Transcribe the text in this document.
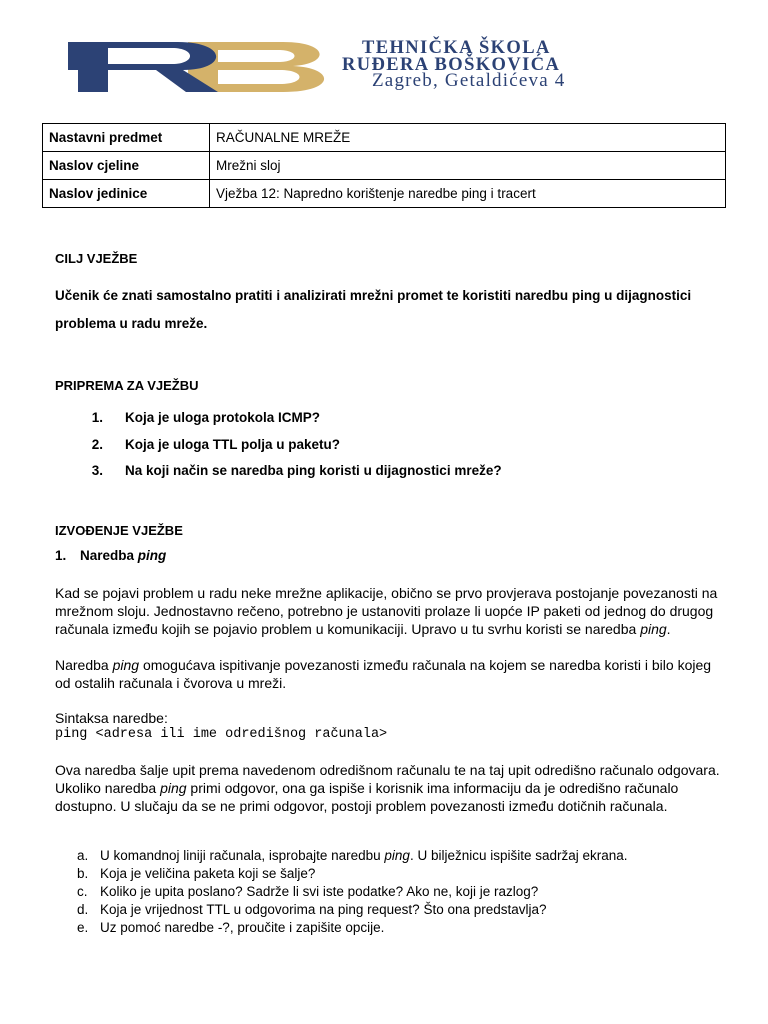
TEHNIČKA ŠKOLA
RUĐERA BOŠKOVIĆA
Zagreb, Getaldićeva 4
Nastavni predmet	RAČUNALNE MREŽE
Naslov cjeline	Mrežni sloj
Naslov jedinice	Vježba 12: Napredno korištenje naredbe ping i tracert
CILJ VJEŽBE
Učenik će znati samostalno pratiti i analizirati mrežni promet te koristiti naredbu ping u dijagnostici problema u radu mreže.
PRIPREMA ZA VJEŽBU
1.	Koja je uloga protokola ICMP?
2.	Koja je uloga TTL polja u paketu?
3.	Na koji način se naredba ping koristi u dijagnostici mreže?
IZVOĐENJE VJEŽBE
1.	Naredba ping

Kad se pojavi problem u radu neke mrežne aplikacije, obično se prvo provjerava postojanje povezanosti na mrežnom sloju. Jednostavno rečeno, potrebno je ustanoviti prolaze li uopće IP paketi od jednog do drugog računala između kojih se pojavio problem u komunikaciji. Upravo u tu svrhu koristi se naredba ping.

Naredba ping omogućava ispitivanje povezanosti između računala na kojem se naredba koristi i bilo kojeg od ostalih računala i čvorova u mreži.

Sintaksa naredbe:
ping <adresa ili ime odredišnog računala>

Ova naredba šalje upit prema navedenom odredišnom računalu te na taj upit odredišno računalo odgovara. Ukoliko naredba ping primi odgovor, ona ga ispiše i korisnik ima informaciju da je odredišno računalo dostupno. U slučaju da se ne primi odgovor, postoji problem povezanosti između dotičnih računala.

a. U komandnoj liniji računala, isprobajte naredbu ping. U bilježnicu ispišite sadržaj ekrana.
b. Koja je veličina paketa koji se šalje?
c. Koliko je upita poslano? Sadrže li svi iste podatke? Ako ne, koji je razlog?
d. Koja je vrijednost TTL u odgovorima na ping request? Što ona predstavlja?
e. Uz pomoć naredbe -?, proučite i zapišite opcije.
